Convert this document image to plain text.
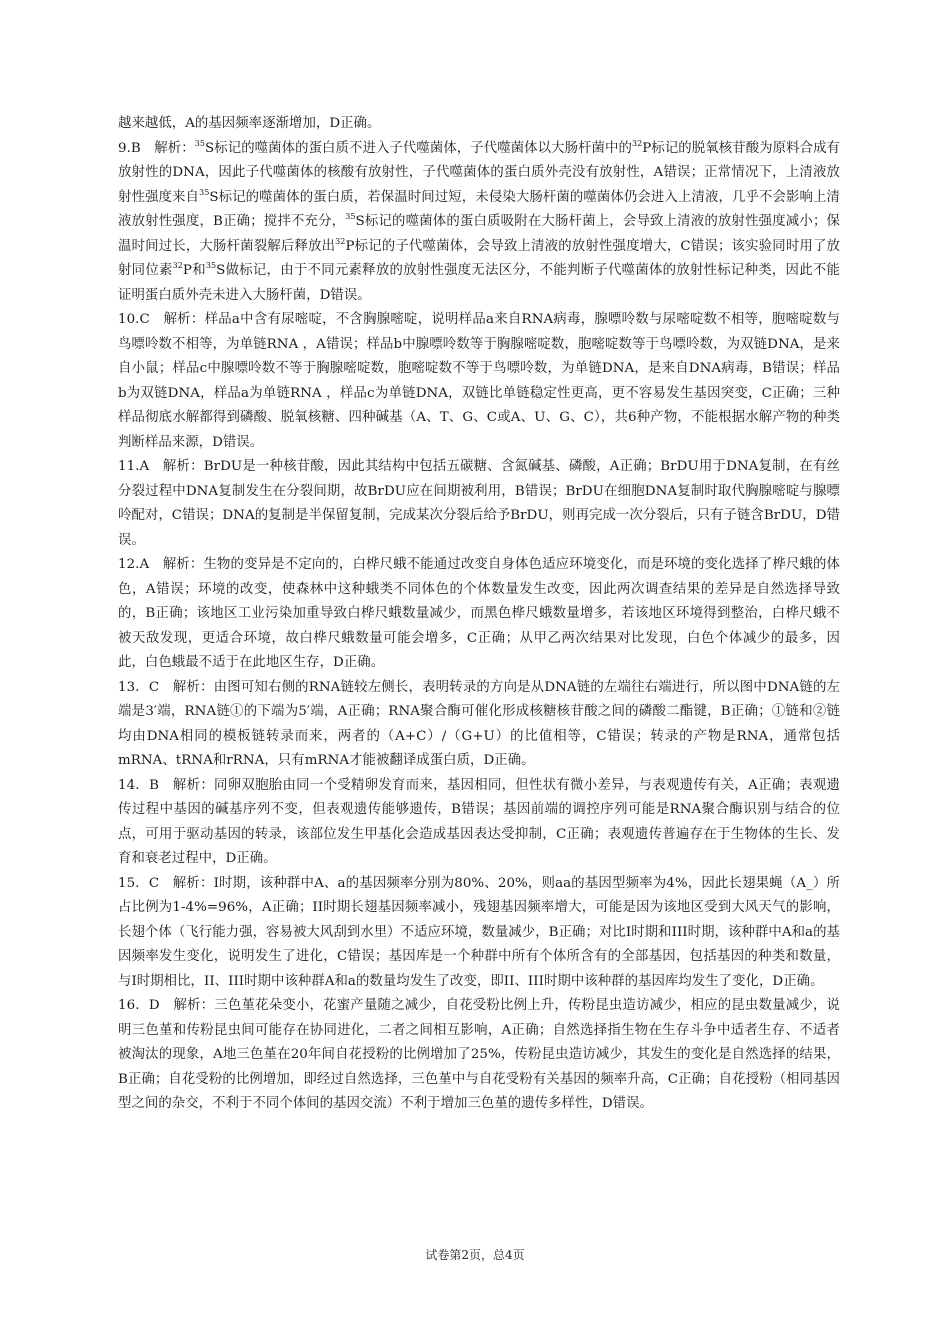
越来越低，A的基因频率逐渐增加，D正确。

9.B　解析：$^{35}$S标记的噬菌体的蛋白质不进入子代噬菌体，子代噬菌体以大肠杆菌中的$^{32}$P标记的脱氧核苷酸为原料合成有放射性的DNA，因此子代噬菌体的核酸有放射性，子代噬菌体的蛋白质外壳没有放射性，A错误；正常情况下，上清液放射性强度来自$^{35}$S标记的噬菌体的蛋白质，若保温时间过短，未侵染大肠杆菌的噬菌体仍会进入上清液，几乎不会影响上清液放射性强度，B正确；搅拌不充分，$^{35}$S标记的噬菌体的蛋白质吸附在大肠杆菌上，会导致上清液的放射性强度减小；保温时间过长，大肠杆菌裂解后释放出$^{32}$P标记的子代噬菌体，会导致上清液的放射性强度增大，C错误；该实验同时用了放射同位素$^{32}$P和$^{35}$S做标记，由于不同元素释放的放射性强度无法区分，不能判断子代噬菌体的放射性标记种类，因此不能证明蛋白质外壳未进入大肠杆菌，D错误。

10.C　解析：样品a中含有尿嘧啶，不含胸腺嘧啶，说明样品a来自RNA病毒，腺嘌呤数与尿嘧啶数不相等，胞嘧啶数与鸟嘌呤数不相等，为单链RNA ，A错误；样品b中腺嘌呤数等于胸腺嘧啶数，胞嘧啶数等于鸟嘌呤数，为双链DNA，是来自小鼠；样品c中腺嘌呤数不等于胸腺嘧啶数，胞嘧啶数不等于鸟嘌呤数，为单链DNA，是来自DNA病毒，B错误；样品b为双链DNA，样品a为单链RNA ，样品c为单链DNA，双链比单链稳定性更高，更不容易发生基因突变，C正确；三种样品彻底水解都得到磷酸、脱氧核糖、四种碱基（A、T、G、C或A、U、G、C），共6种产物，不能根据水解产物的种类判断样品来源，D错误。

11.A　解析：BrDU是一种核苷酸，因此其结构中包括五碳糖、含氮碱基、磷酸，A正确；BrDU用于DNA复制，在有丝分裂过程中DNA复制发生在分裂间期，故BrDU应在间期被利用，B错误；BrDU在细胞DNA复制时取代胸腺嘧啶与腺嘌呤配对，C错误；DNA的复制是半保留复制，完成某次分裂后给予BrDU，则再完成一次分裂后，只有子链含BrDU，D错误。

12.A　解析：生物的变异是不定向的，白桦尺蛾不能通过改变自身体色适应环境变化，而是环境的变化选择了桦尺蛾的体色，A错误；环境的改变，使森林中这种蛾类不同体色的个体数量发生改变，因此两次调查结果的差异是自然选择导致的，B正确；该地区工业污染加重导致白桦尺蛾数量减少，而黑色桦尺蛾数量增多，若该地区环境得到整治，白桦尺蛾不被天敌发现，更适合环境，故白桦尺蛾数量可能会增多，C正确；从甲乙两次结果对比发现，白色个体减少的最多，因此，白色蛾最不适于在此地区生存，D正确。

13．C　解析：由图可知右侧的RNA链较左侧长，表明转录的方向是从DNA链的左端往右端进行，所以图中DNA链的左端是3′端，RNA链①的下端为5′端，A正确；RNA聚合酶可催化形成核糖核苷酸之间的磷酸二酯键，B正确；①链和②链均由DNA相同的模板链转录而来，两者的（A+C）/（G+U）的比值相等，C错误；转录的产物是RNA，通常包括mRNA、tRNA和rRNA，只有mRNA才能被翻译成蛋白质，D正确。

14．B　解析：同卵双胞胎由同一个受精卵发育而来，基因相同，但性状有微小差异，与表观遗传有关，A正确；表观遗传过程中基因的碱基序列不变，但表观遗传能够遗传，B错误；基因前端的调控序列可能是RNA聚合酶识别与结合的位点，可用于驱动基因的转录，该部位发生甲基化会造成基因表达受抑制，C正确；表观遗传普遍存在于生物体的生长、发育和衰老过程中，D正确。

15．C　解析：I时期，该种群中A、a的基因频率分别为80%、20%，则aa的基因型频率为4%，因此长翅果蝇（A_）所占比例为1-4%=96%，A正确；II时期长翅基因频率减小，残翅基因频率增大，可能是因为该地区受到大风天气的影响，长翅个体（飞行能力强，容易被大风刮到水里）不适应环境，数量减少，B正确；对比I时期和III时期，该种群中A和a的基因频率发生变化，说明发生了进化，C错误；基因库是一个种群中所有个体所含有的全部基因，包括基因的种类和数量，与I时期相比，II、III时期中该种群A和a的数量均发生了改变，即II、III时期中该种群的基因库均发生了变化，D正确。

16．D　解析：三色堇花朵变小，花蜜产量随之减少，自花受粉比例上升，传粉昆虫造访减少，相应的昆虫数量减少，说明三色堇和传粉昆虫间可能存在协同进化，二者之间相互影响，A正确；自然选择指生物在生存斗争中适者生存、不适者被淘汰的现象，A地三色堇在20年间自花授粉的比例增加了25%，传粉昆虫造访减少，其发生的变化是自然选择的结果，B正确；自花受粉的比例增加，即经过自然选择，三色堇中与自花受粉有关基因的频率升高，C正确；自花授粉（相同基因型之间的杂交，不利于不同个体间的基因交流）不利于增加三色堇的遗传多样性，D错误。

试卷第2页，总4页
